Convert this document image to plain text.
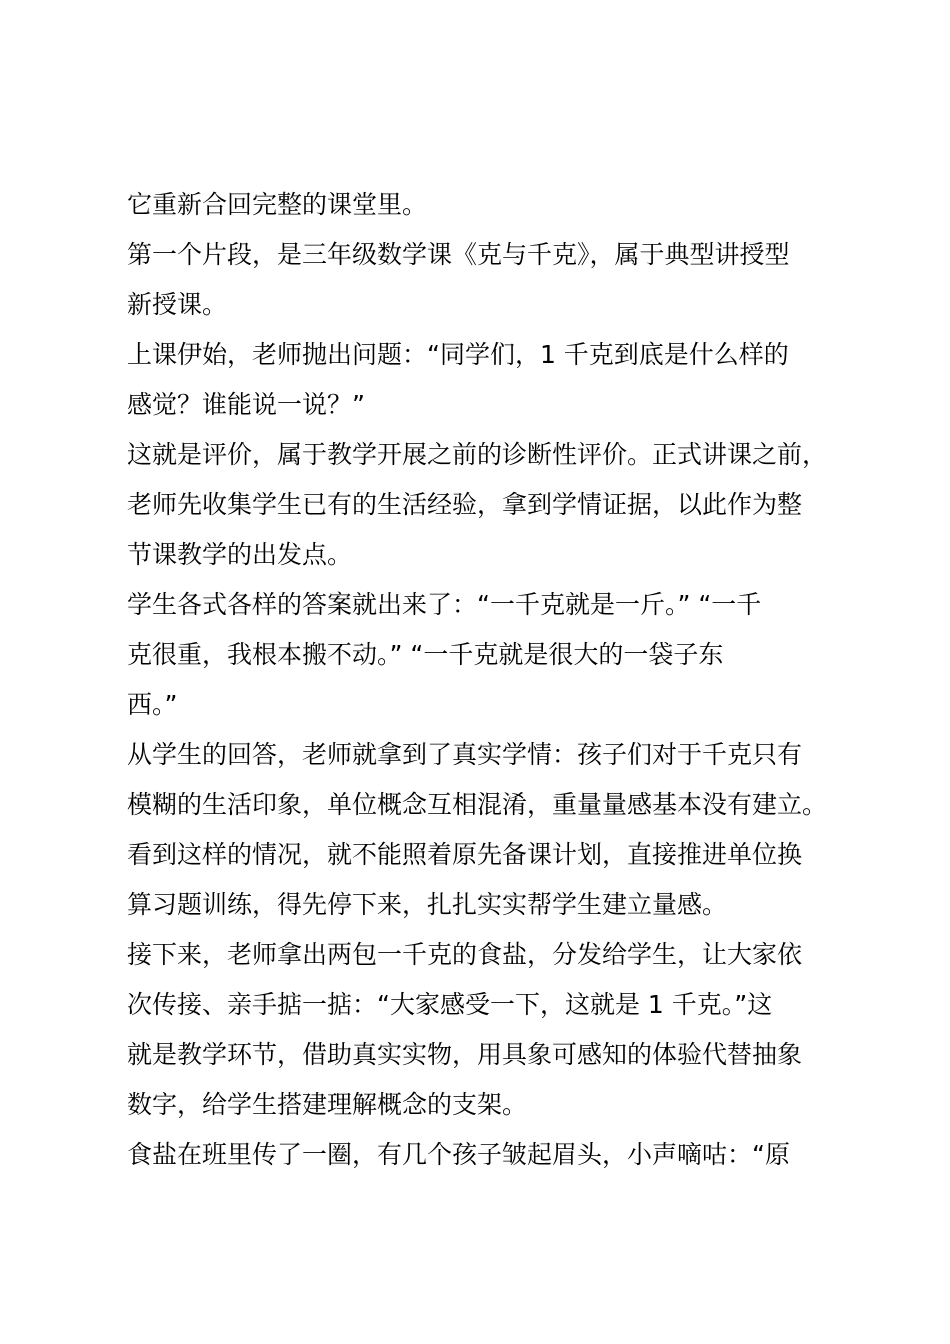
它重新合回完整的课堂里。

第一个片段，是三年级数学课《克与千克》，属于典型讲授型
新授课。

上课伊始，老师抛出问题：“同学们，1 千克到底是什么样的
感觉？谁能说一说？”

这就是评价，属于教学开展之前的诊断性评价。正式讲课之前，
老师先收集学生已有的生活经验，拿到学情证据，以此作为整
节课教学的出发点。

学生各式各样的答案就出来了：“一千克就是一斤。” “一千
克很重，我根本搬不动。” “一千克就是很大的一袋子东
西。”

从学生的回答，老师就拿到了真实学情：孩子们对于千克只有
模糊的生活印象，单位概念互相混淆，重量量感基本没有建立。
看到这样的情况，就不能照着原先备课计划，直接推进单位换
算习题训练，得先停下来，扎扎实实帮学生建立量感。

接下来，老师拿出两包一千克的食盐，分发给学生，让大家依
次传接、亲手掂一掂：“大家感受一下，这就是 1 千克。”这
就是教学环节，借助真实实物，用具象可感知的体验代替抽象
数字，给学生搭建理解概念的支架。

食盐在班里传了一圈，有几个孩子皱起眉头，小声嘀咕：“原
